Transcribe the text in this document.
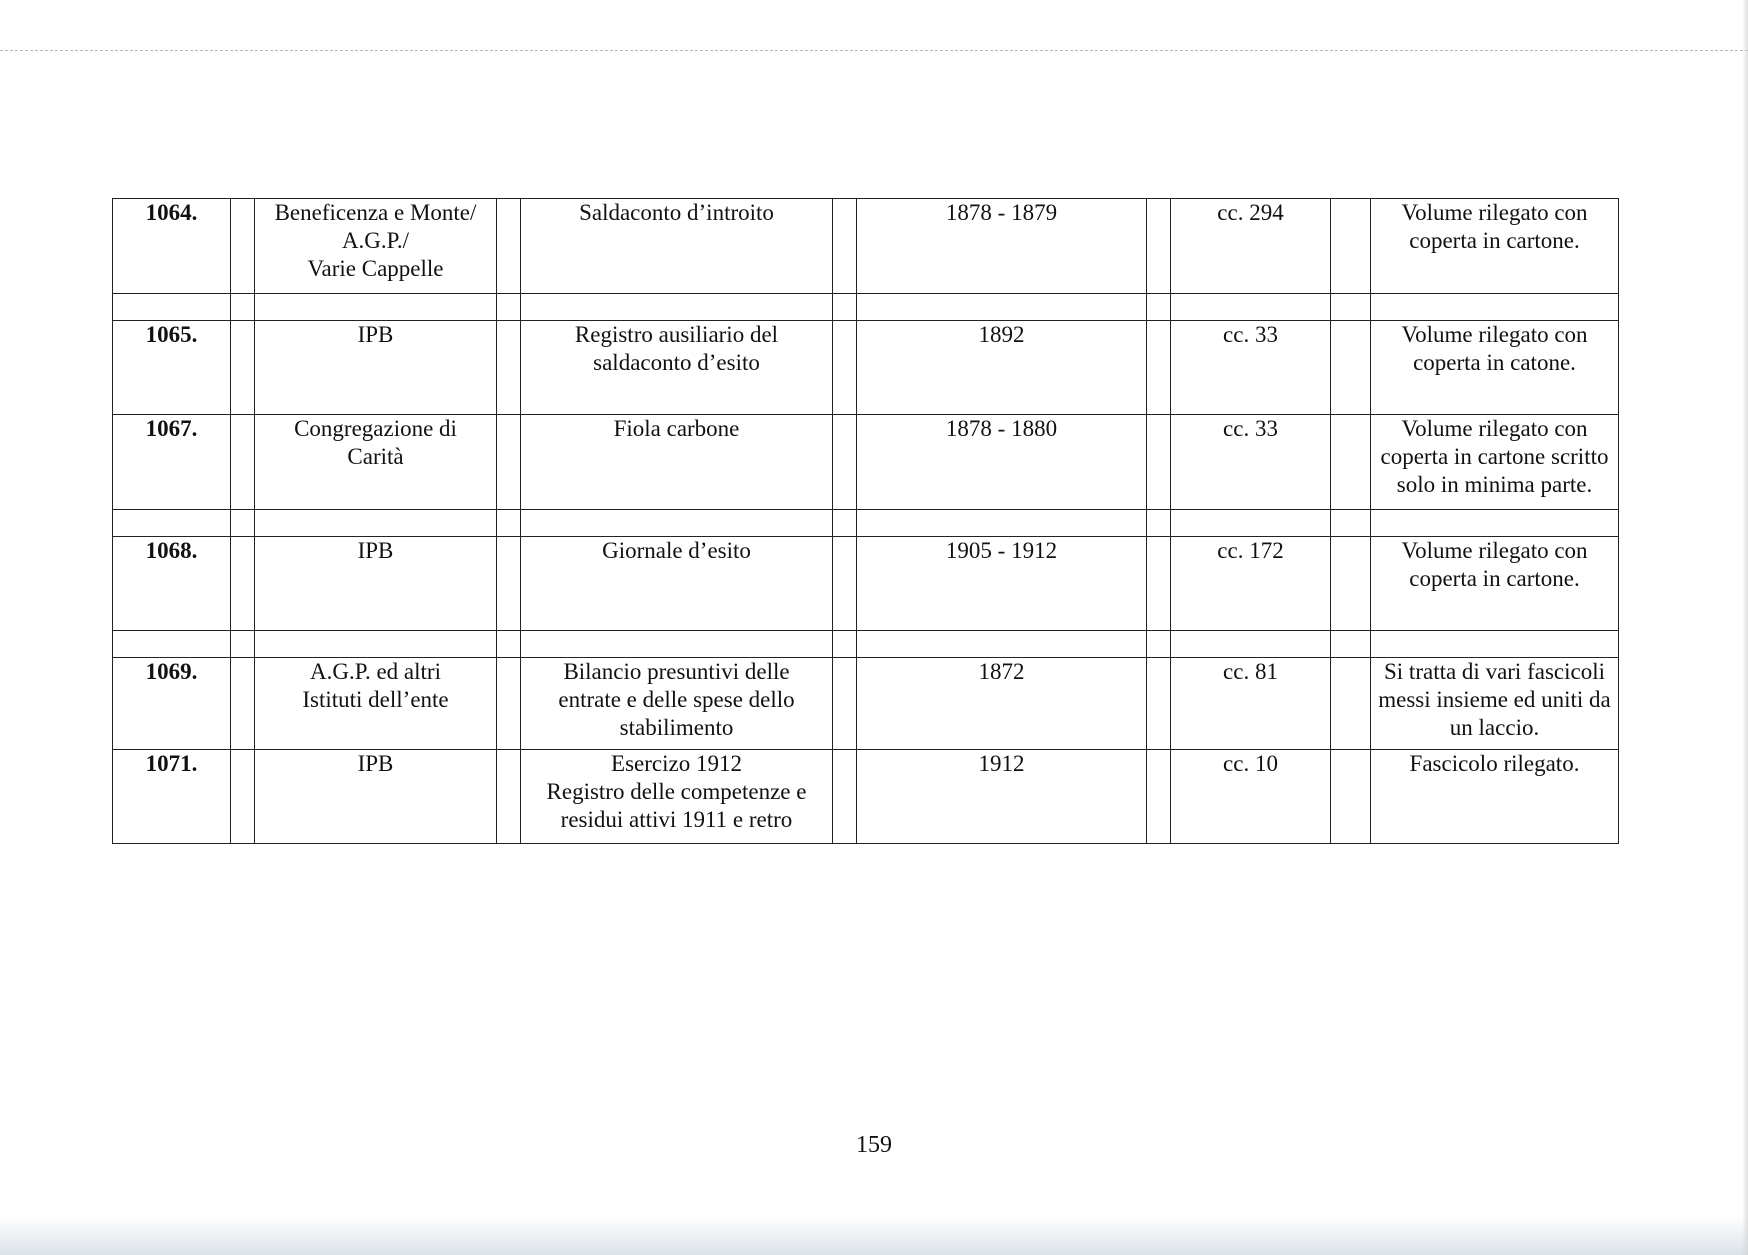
1064.		Beneficenza e Monte/
A.G.P./
Varie Cappelle		Saldaconto d’introito		1878 - 1879		cc. 294		Volume rilegato con
coperta in cartone.

1065.		IPB		Registro ausiliario del
saldaconto d’esito		1892		cc. 33		Volume rilegato con
coperta in catone.

1067.		Congregazione di
Carità		Fiola carbone		1878 - 1880		cc. 33		Volume rilegato con
coperta in cartone scritto
solo in minima parte.

1068.		IPB		Giornale d’esito		1905 - 1912		cc. 172		Volume rilegato con
coperta in cartone.

1069.		A.G.P. ed altri
Istituti dell’ente		Bilancio presuntivi delle
entrate e delle spese dello
stabilimento		1872		cc. 81		Si tratta di vari fascicoli
messi insieme ed uniti da
un laccio.

1071.		IPB		Esercizo 1912
Registro delle competenze e
residui attivi 1911 e retro		1912		cc. 10		Fascicolo rilegato.
159
